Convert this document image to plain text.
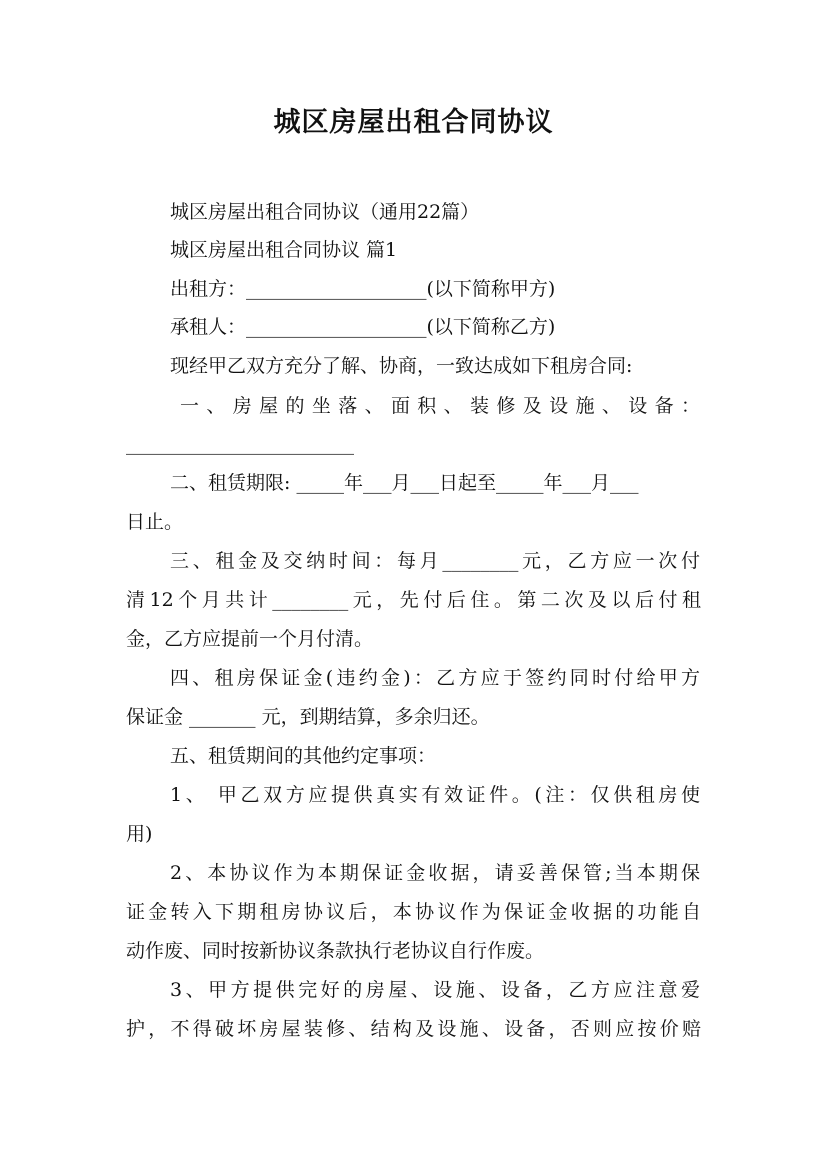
城区房屋出租合同协议
城区房屋出租合同协议（通用22篇）
城区房屋出租合同协议 篇1
出租方：___________________(以下简称甲方)
承租人：___________________(以下简称乙方)
现经甲乙双方充分了解、协商，一致达成如下租房合同:
一、房屋的坐落、面积、装修及设施、设备：
________________________
二、租赁期限: _____年___月___日起至_____年___月___
日止。
三、租金及交纳时间：每月________元，乙方应一次付
清12个月共计________元，先付后住。第二次及以后付租
金，乙方应提前一个月付清。
四、租房保证金(违约金)：乙方应于签约同时付给甲方
保证金 _______ 元，到期结算，多余归还。
五、租赁期间的其他约定事项：
1、 甲乙双方应提供真实有效证件。(注：仅供租房使
用)
2、本协议作为本期保证金收据，请妥善保管;当本期保
证金转入下期租房协议后，本协议作为保证金收据的功能自
动作废、同时按新协议条款执行老协议自行作废。
3、甲方提供完好的房屋、设施、设备，乙方应注意爱
护，不得破坏房屋装修、结构及设施、设备，否则应按价赔
